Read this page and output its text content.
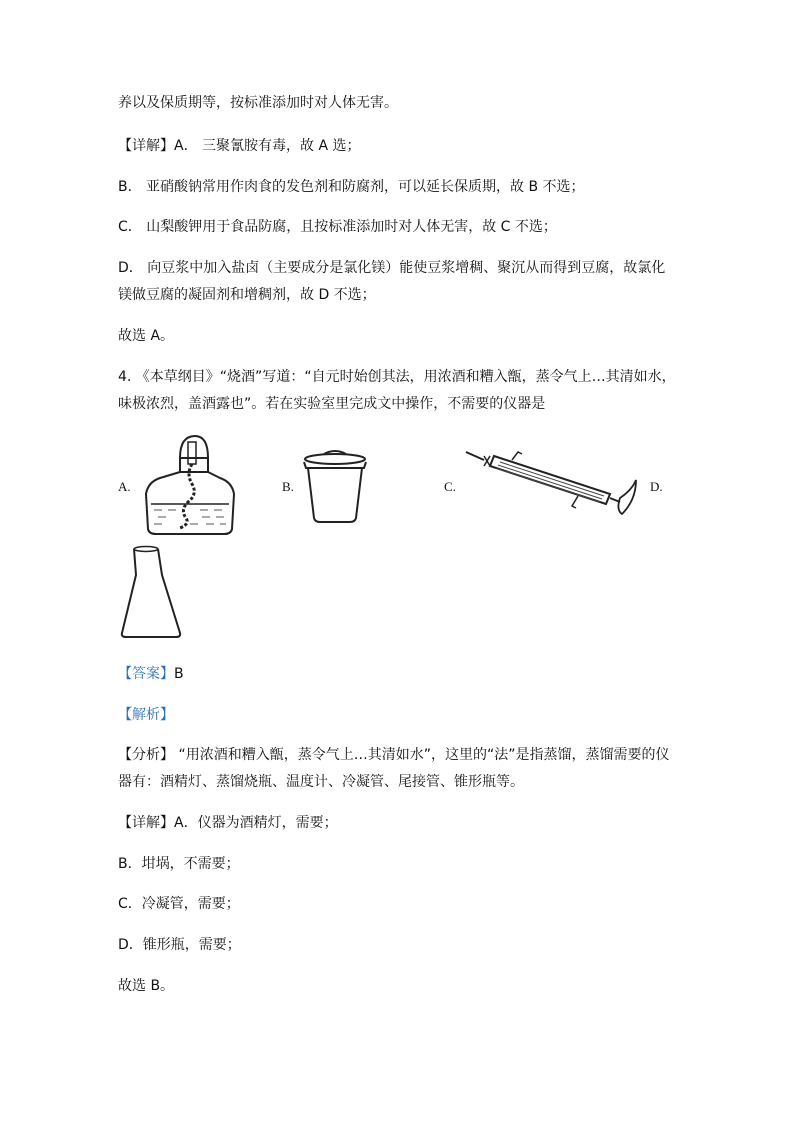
养以及保质期等，按标准添加时对人体无害。
【详解】A． 三聚氰胺有毒，故 A 选；
B． 亚硝酸钠常用作肉食的发色剂和防腐剂，可以延长保质期，故 B 不选；
C． 山梨酸钾用于食品防腐，且按标准添加时对人体无害，故 C 不选；
D． 向豆浆中加入盐卤（主要成分是氯化镁）能使豆浆增稠、聚沉从而得到豆腐，故氯化
镁做豆腐的凝固剂和增稠剂，故 D 不选；
故选 A。
4. 《本草纲目》“烧酒”写道：“自元时始创其法，用浓酒和糟入甑，蒸令气上…其清如水，
味极浓烈，盖酒露也”。若在实验室里完成文中操作，不需要的仪器是
A.	B.	C.	D.
【答案】B
【解析】
【分析】 “用浓酒和糟入甑，蒸令气上…其清如水”，这里的“法”是指蒸馏，蒸馏需要的仪
器有：酒精灯、蒸馏烧瓶、温度计、冷凝管、尾接管、锥形瓶等。
【详解】A．仪器为酒精灯，需要；
B．坩埚，不需要；
C．冷凝管，需要；
D．锥形瓶，需要；
故选 B。
